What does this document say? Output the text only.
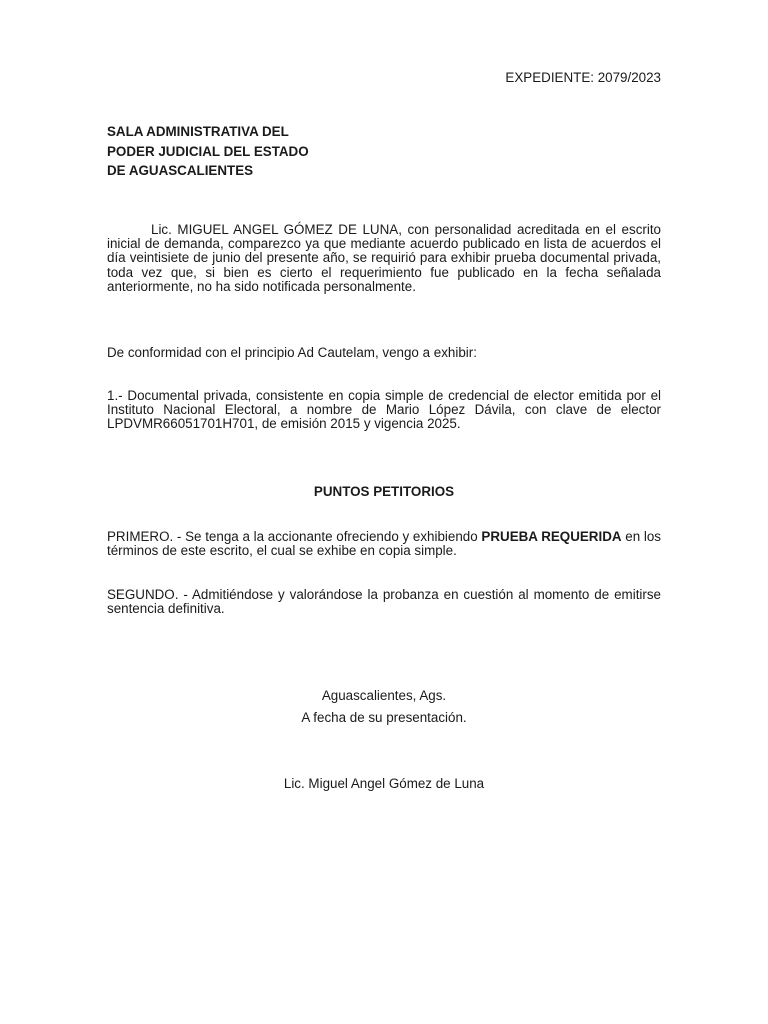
EXPEDIENTE: 2079/2023
SALA ADMINISTRATIVA DEL
PODER JUDICIAL DEL ESTADO
DE AGUASCALIENTES
Lic. MIGUEL ANGEL GÓMEZ DE LUNA, con personalidad acreditada en el escrito inicial de demanda, comparezco ya que mediante acuerdo publicado en lista de acuerdos el día veintisiete de junio del presente año, se requirió para exhibir prueba documental privada, toda vez que, si bien es cierto el requerimiento fue publicado en la fecha señalada anteriormente, no ha sido notificada personalmente.
De conformidad con el principio Ad Cautelam, vengo a exhibir:
1.- Documental privada, consistente en copia simple de credencial de elector emitida por el Instituto Nacional Electoral, a nombre de Mario López Dávila, con clave de elector LPDVMR66051701H701, de emisión 2015 y vigencia 2025.
PUNTOS PETITORIOS
PRIMERO. - Se tenga a la accionante ofreciendo y exhibiendo PRUEBA REQUERIDA en los términos de este escrito, el cual se exhibe en copia simple.
SEGUNDO. - Admitiéndose y valorándose la probanza en cuestión al momento de emitirse sentencia definitiva.
Aguascalientes, Ags.
A fecha de su presentación.
Lic. Miguel Angel Gómez de Luna
